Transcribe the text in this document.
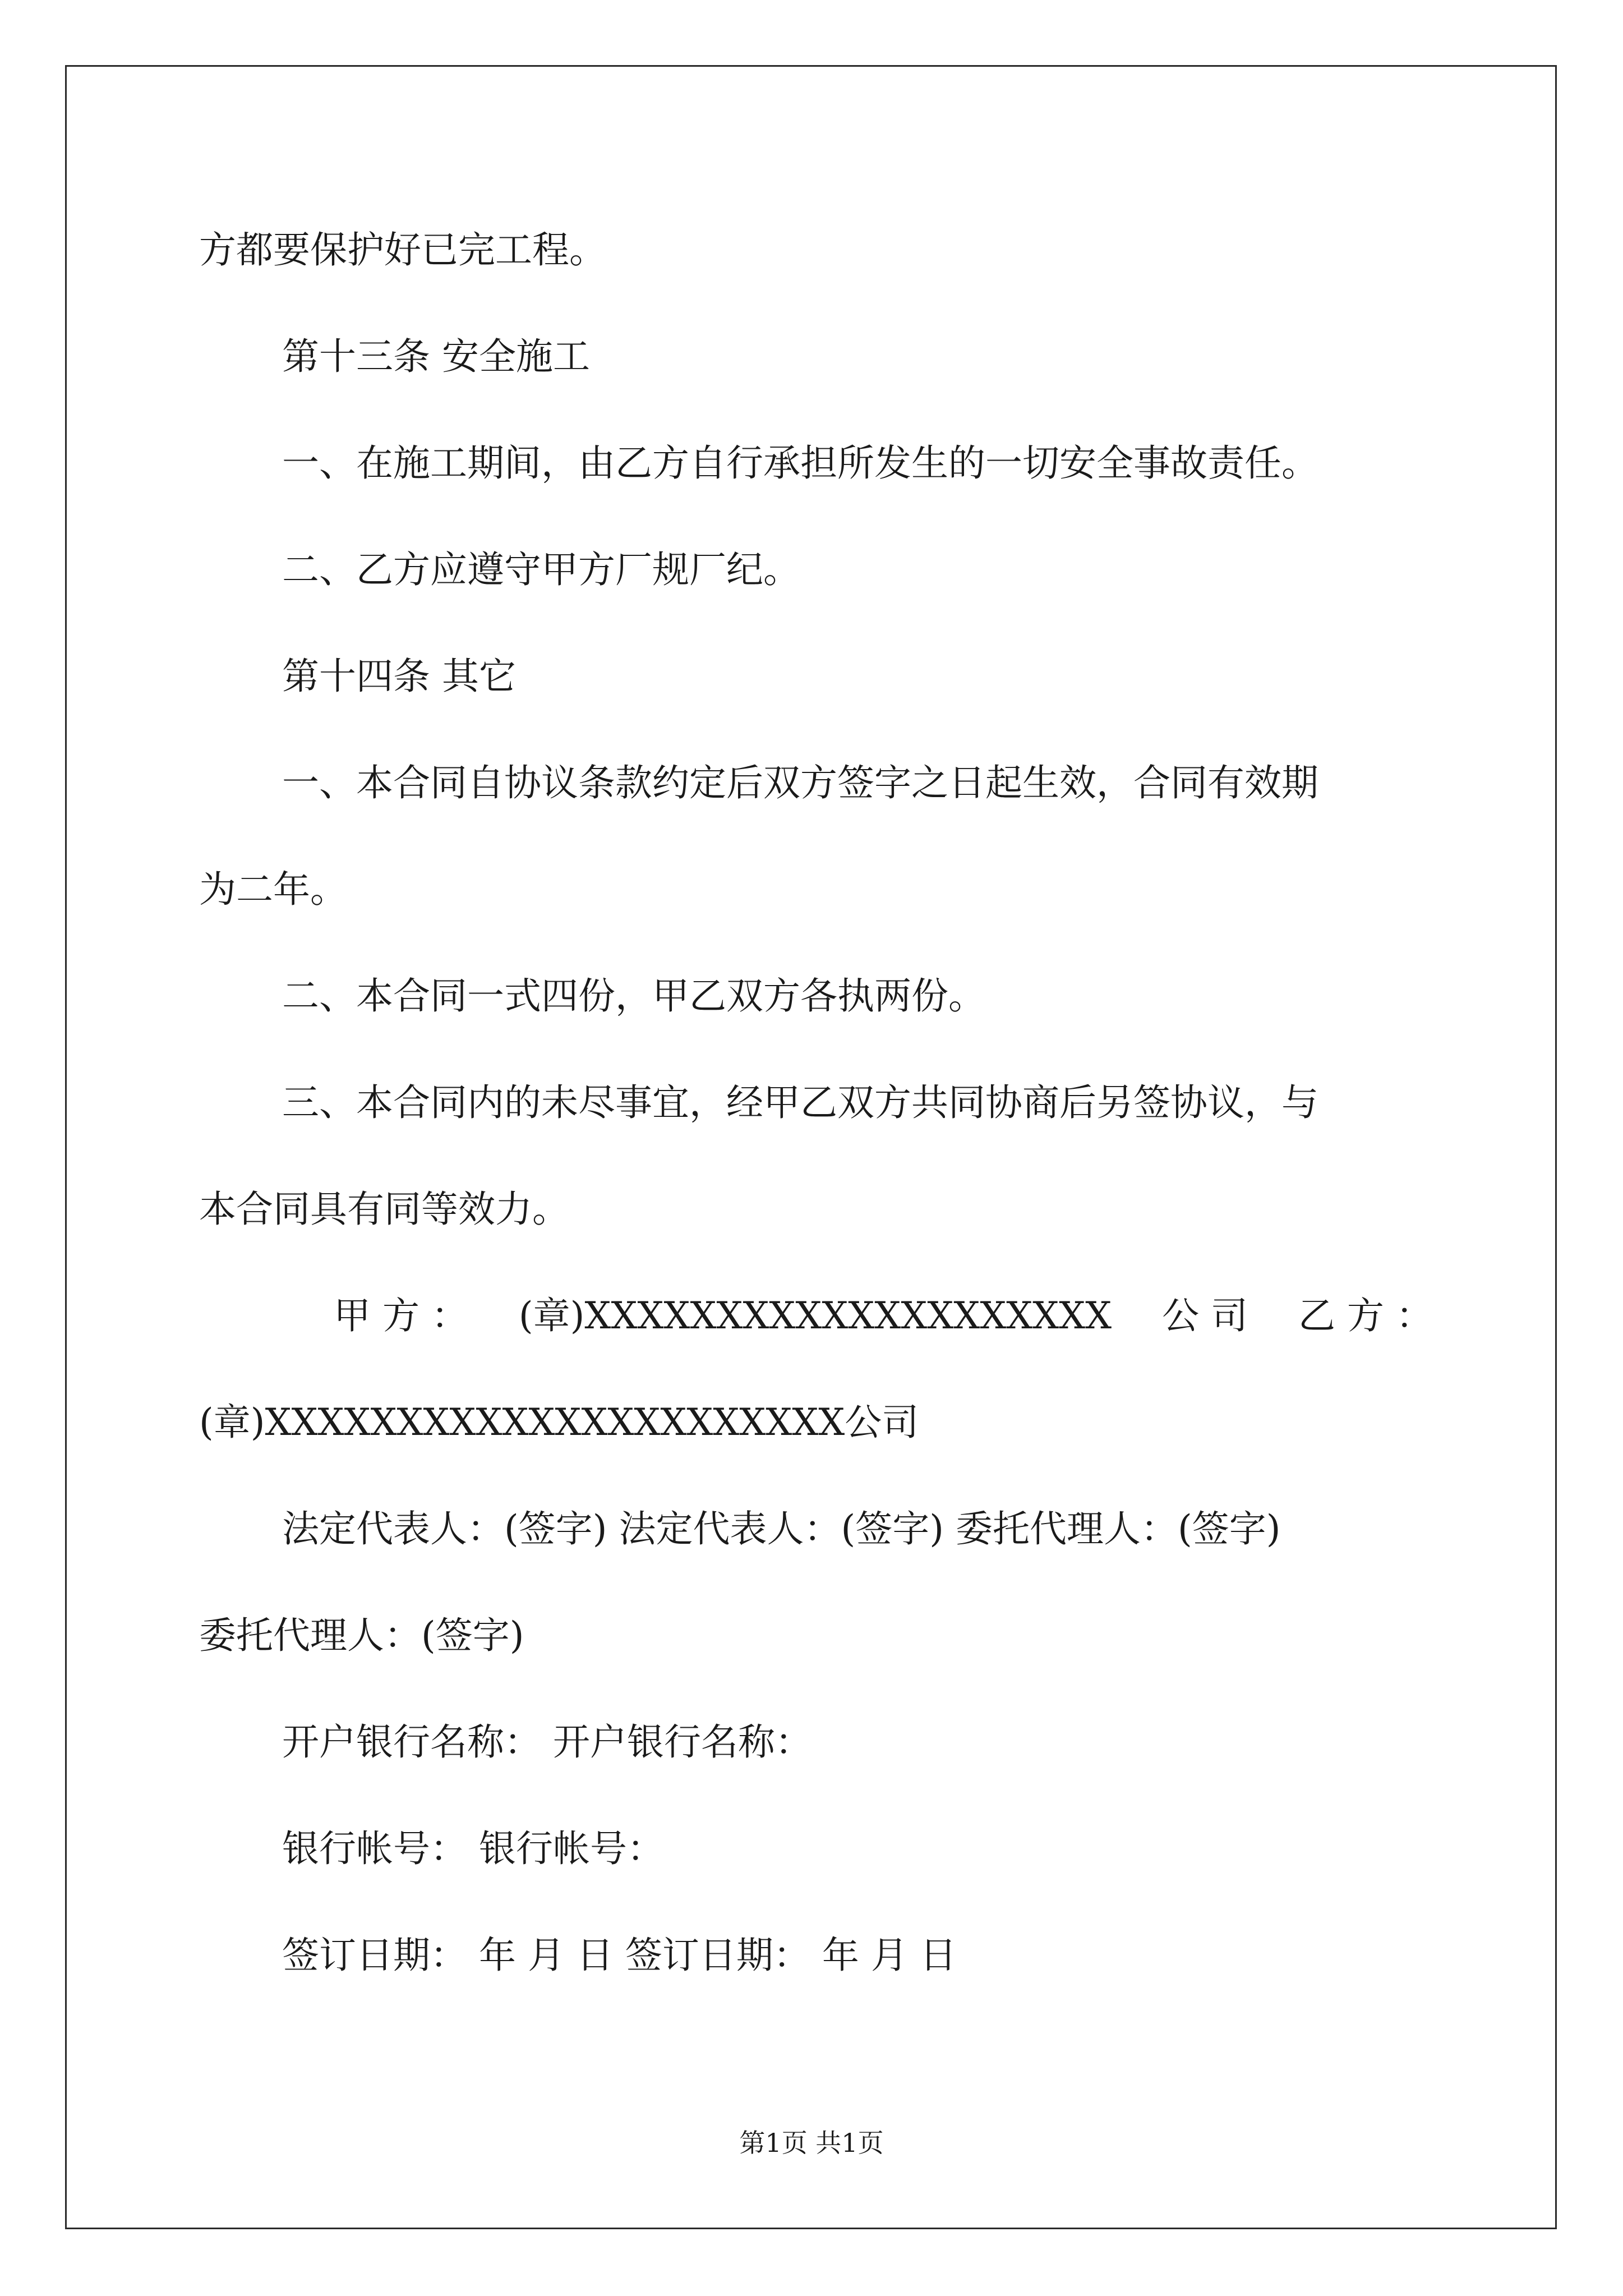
方都要保护好已完工程。
第十三条 安全施工
一、在施工期间，由乙方自行承担所发生的一切安全事故责任。
二、乙方应遵守甲方厂规厂纪。
第十四条 其它
一、本合同自协议条款约定后双方签字之日起生效，合同有效期
为二年。
二、本合同一式四份，甲乙双方各执两份。
三、本合同内的未尽事宜，经甲乙双方共同协商后另签协议，与
本合同具有同等效力。
甲 方 ： (章)XXXXXXXXXXXXXXXXXXXX 公 司 乙 方 ：
(章)XXXXXXXXXXXXXXXXXXXXXX公司
法定代表人：(签字) 法定代表人：(签字) 委托代理人：(签字)
委托代理人：(签字)
开户银行名称： 开户银行名称：
银行帐号： 银行帐号：
签订日期： 年 月 日 签订日期： 年 月 日
第1页 共1页
